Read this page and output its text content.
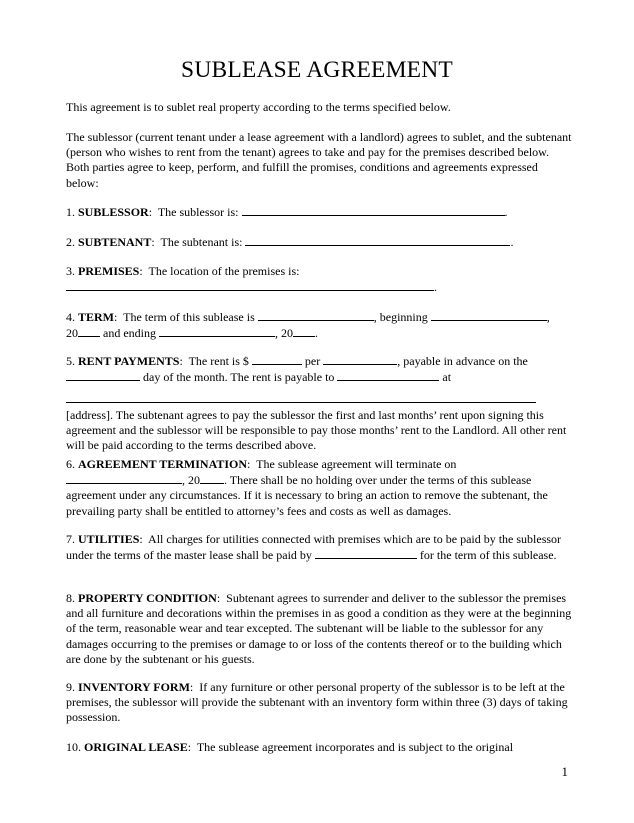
SUBLEASE AGREEMENT

This agreement is to sublet real property according to the terms specified below.

The sublessor (current tenant under a lease agreement with a landlord) agrees to sublet, and the subtenant (person who wishes to rent from the tenant) agrees to take and pay for the premises described below. Both parties agree to keep, perform, and fulfill the promises, conditions and agreements expressed below:

1. SUBLESSOR:  The sublessor is:	.

2. SUBTENANT:  The subtenant is:	.

3. PREMISES:  The location of the premises is:
.

4. TERM:  The term of this sublease is	, beginning	,
20 and ending	, 20 .

5. RENT PAYMENTS:  The rent is $	per	, payable in advance on the
day of the month. The rent is payable to	at

[address]. The subtenant agrees to pay the sublessor the first and last months’ rent upon signing this agreement and the sublessor will be responsible to pay those months’ rent to the Landlord. All other rent will be paid according to the terms described above.

6. AGREEMENT TERMINATION:  The sublease agreement will terminate on
, 20 . There shall be no holding over under the terms of this sublease agreement under any circumstances. If it is necessary to bring an action to remove the subtenant, the prevailing party shall be entitled to attorney’s fees and costs as well as damages.

7. UTILITIES:  All charges for utilities connected with premises which are to be paid by the sublessor under the terms of the master lease shall be paid by	for the term of this sublease.

8. PROPERTY CONDITION:  Subtenant agrees to surrender and deliver to the sublessor the premises and all furniture and decorations within the premises in as good a condition as they were at the beginning of the term, reasonable wear and tear excepted. The subtenant will be liable to the sublessor for any damages occurring to the premises or damage to or loss of the contents thereof or to the building which are done by the subtenant or his guests.

9. INVENTORY FORM:  If any furniture or other personal property of the sublessor is to be left at the premises, the sublessor will provide the subtenant with an inventory form within three (3) days of taking possession.

10. ORIGINAL LEASE:  The sublease agreement incorporates and is subject to the original

1
